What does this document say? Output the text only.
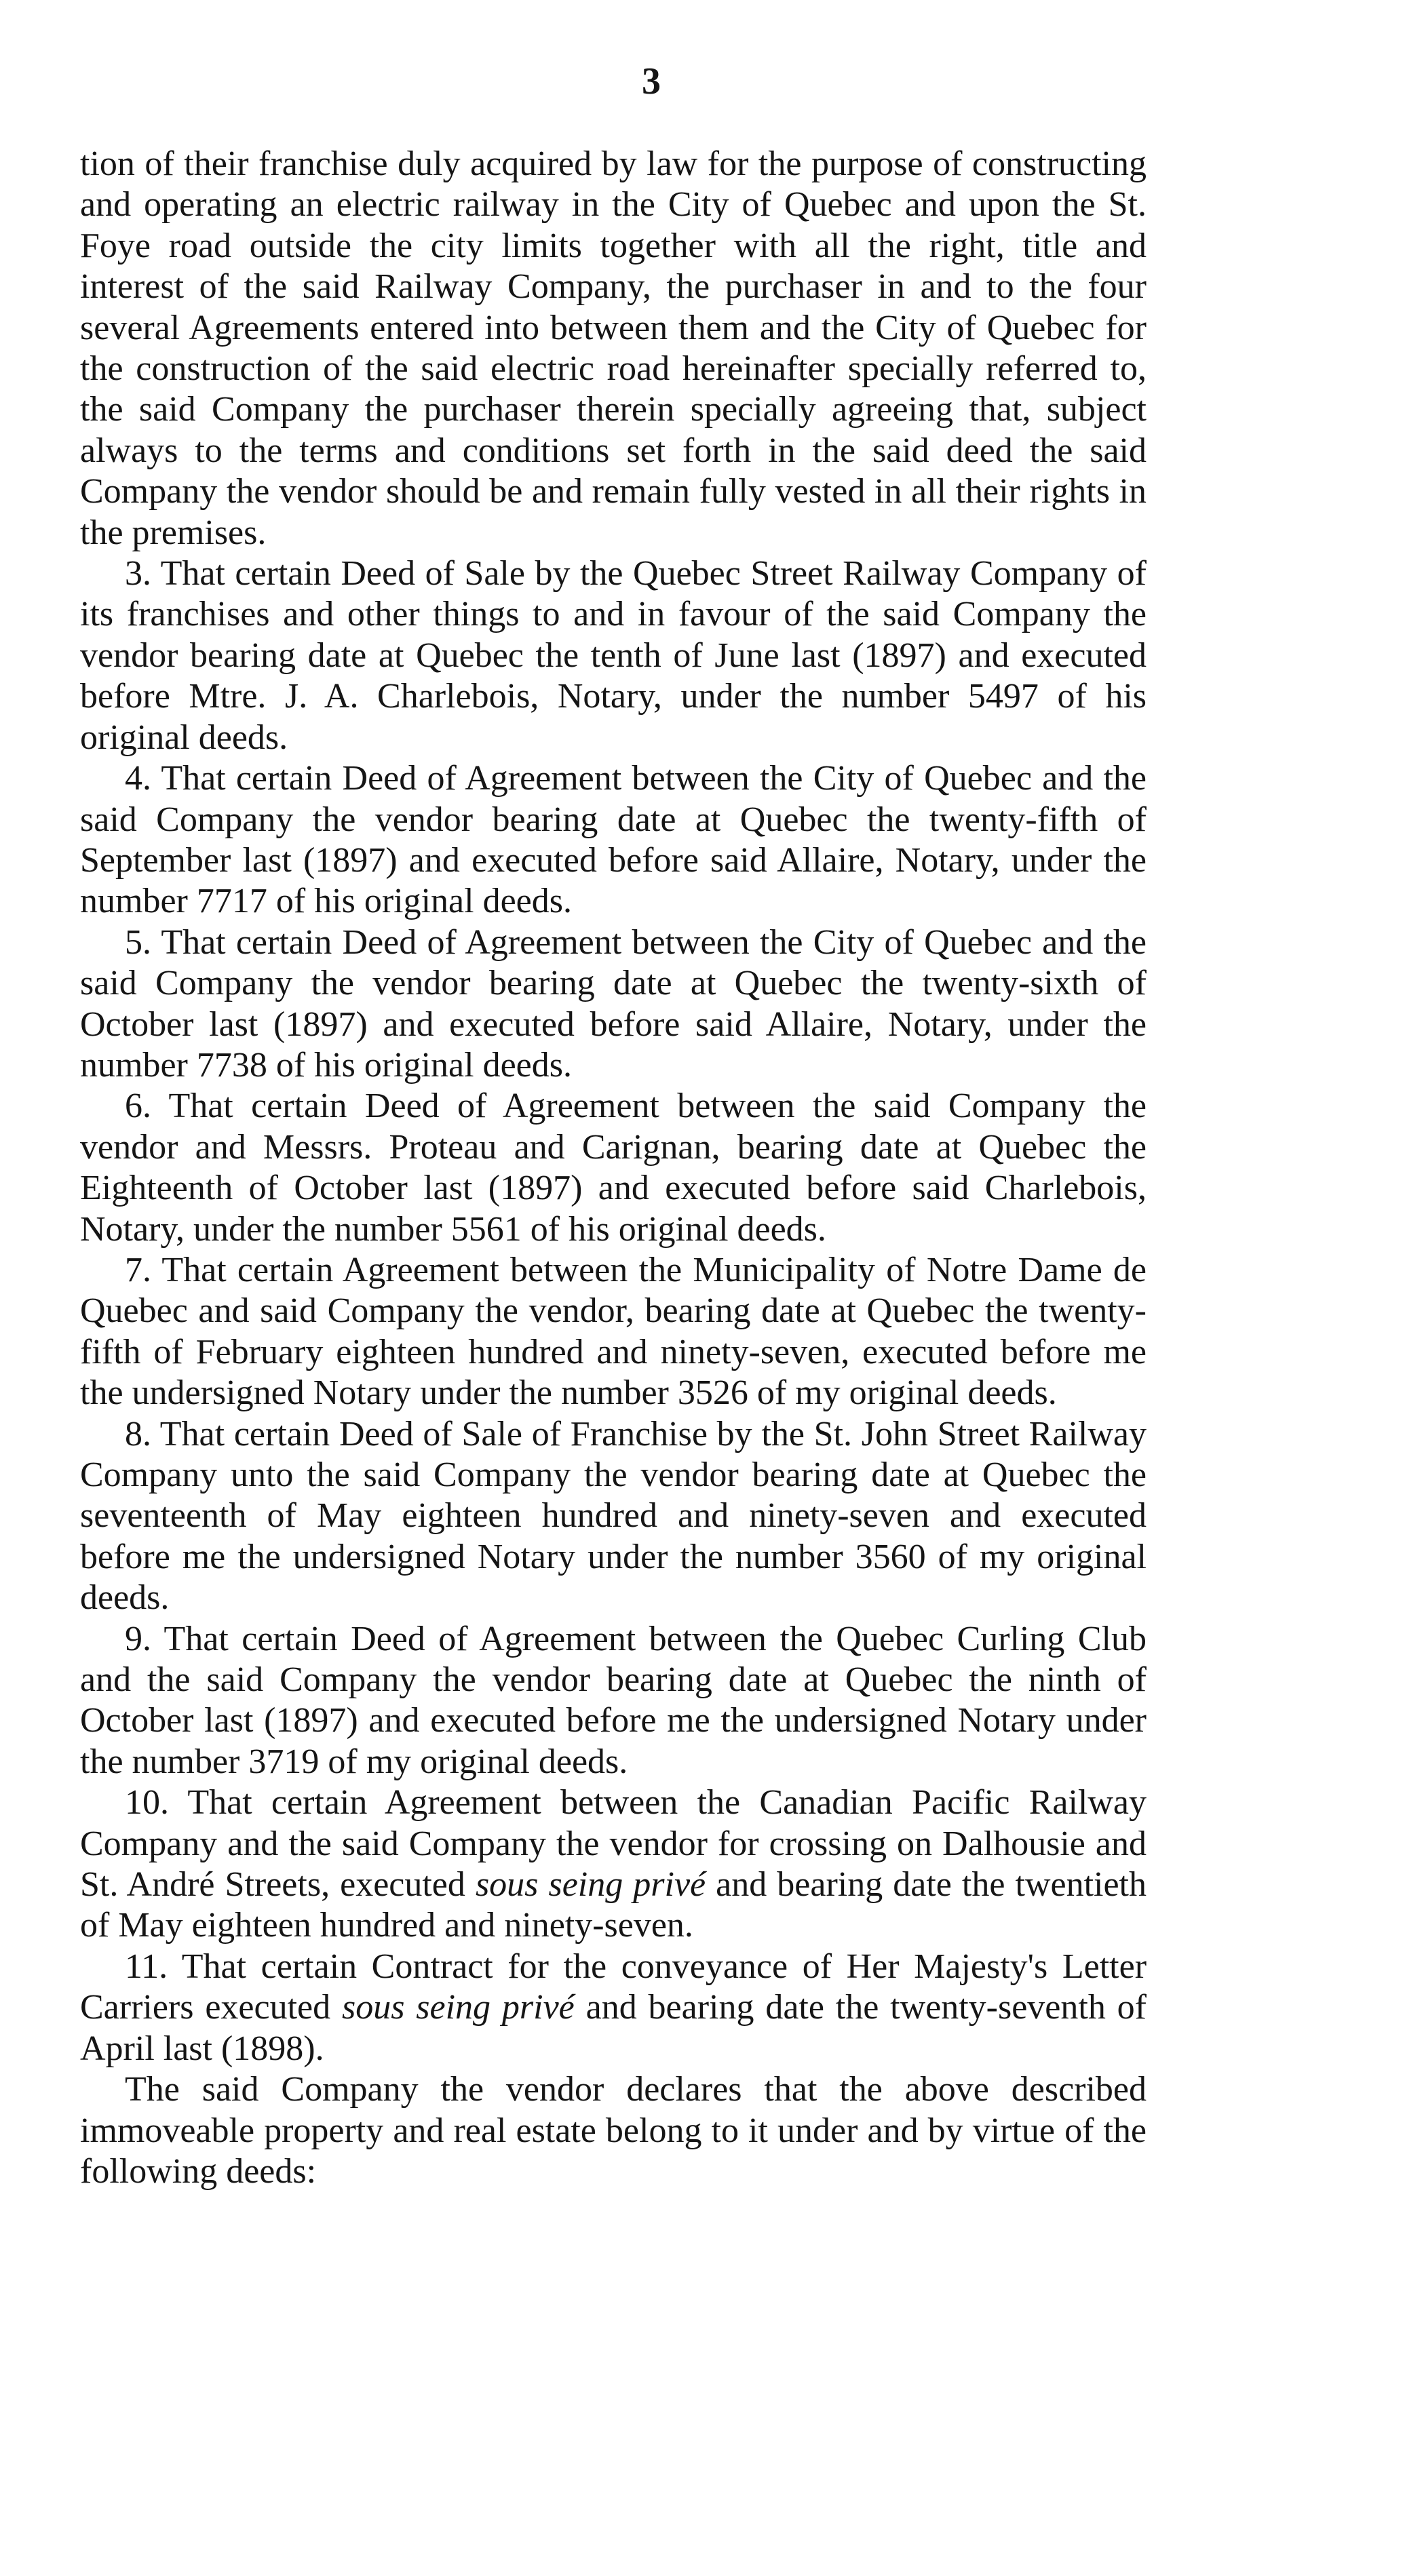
3

tion of their franchise duly acquired by law for the purpose of constructing and operating an electric railway in the City of Quebec and upon the St. Foye road outside the city limits together with all the right, title and interest of the said Railway Company, the purchaser in and to the four several Agreements entered into between them and the City of Quebec for the construction of the said electric road hereinafter specially referred to, the said Company the purchaser therein specially agreeing that, subject always to the terms and conditions set forth in the said deed the said Company the vendor should be and remain fully vested in all their rights in the premises.

3. That certain Deed of Sale by the Quebec Street Railway Company of its franchises and other things to and in favour of the said Company the vendor bearing date at Quebec the tenth of June last (1897) and executed before Mtre. J. A. Charlebois, Notary, under the number 5497 of his original deeds.

4. That certain Deed of Agreement between the City of Quebec and the said Company the vendor bearing date at Quebec the twenty-fifth of September last (1897) and executed before said Allaire, Notary, under the number 7717 of his original deeds.

5. That certain Deed of Agreement between the City of Quebec and the said Company the vendor bearing date at Quebec the twenty-sixth of October last (1897) and executed before said Allaire, Notary, under the number 7738 of his original deeds.

6. That certain Deed of Agreement between the said Company the vendor and Messrs. Proteau and Carignan, bearing date at Quebec the Eighteenth of October last (1897) and executed before said Charlebois, Notary, under the number 5561 of his original deeds.

7. That certain Agreement between the Municipality of Notre Dame de Quebec and said Company the vendor, bearing date at Quebec the twenty-fifth of February eighteen hundred and ninety-seven, executed before me the undersigned Notary under the number 3526 of my original deeds.

8. That certain Deed of Sale of Franchise by the St. John Street Railway Company unto the said Company the vendor bearing date at Quebec the seventeenth of May eighteen hundred and ninety-seven and executed before me the undersigned Notary under the number 3560 of my original deeds.

9. That certain Deed of Agreement between the Quebec Curling Club and the said Company the vendor bearing date at Quebec the ninth of October last (1897) and executed before me the undersigned Notary under the number 3719 of my original deeds.

10. That certain Agreement between the Canadian Pacific Railway Company and the said Company the vendor for crossing on Dalhousie and St. André Streets, executed sous seing privé and bearing date the twentieth of May eighteen hundred and ninety-seven.

11. That certain Contract for the conveyance of Her Majesty's Letter Carriers executed sous seing privé and bearing date the twenty-seventh of April last (1898).

The said Company the vendor declares that the above described immoveable property and real estate belong to it under and by virtue of the following deeds:
